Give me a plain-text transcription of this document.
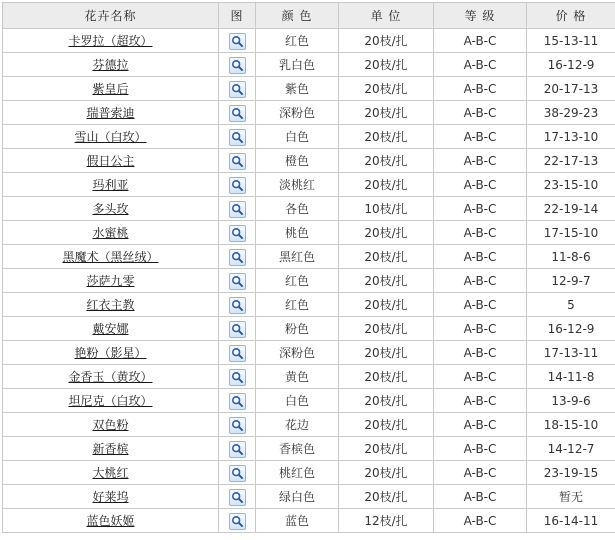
花卉名称	图	颜 色	单 位	等 级	价 格
卡罗拉（超玫）		红色	20枝/扎	A-B-C	15-13-11
芬德拉		乳白色	20枝/扎	A-B-C	16-12-9
紫皇后		紫色	20枝/扎	A-B-C	20-17-13
瑞普索迪		深粉色	20枝/扎	A-B-C	38-29-23
雪山（白玫）		白色	20枝/扎	A-B-C	17-13-10
假日公主		橙色	20枝/扎	A-B-C	22-17-13
玛利亚		淡桃红	20枝/扎	A-B-C	23-15-10
多头玫		各色	10枝/扎	A-B-C	22-19-14
水蜜桃		桃色	20枝/扎	A-B-C	17-15-10
黑魔术（黑丝绒）		黑红色	20枝/扎	A-B-C	11-8-6
莎萨九零		红色	20枝/扎	A-B-C	12-9-7
红衣主教		红色	20枝/扎	A-B-C	5
戴安娜		粉色	20枝/扎	A-B-C	16-12-9
艳粉（影星）		深粉色	20枝/扎	A-B-C	17-13-11
金香玉（黄玫）		黄色	20枝/扎	A-B-C	14-11-8
坦尼克（白玫）		白色	20枝/扎	A-B-C	13-9-6
双色粉		花边	20枝/扎	A-B-C	18-15-10
新香槟		香槟色	20枝/扎	A-B-C	14-12-7
大桃红		桃红色	20枝/扎	A-B-C	23-19-15
好莱坞		绿白色	20枝/扎	A-B-C	暂无
蓝色妖姬		蓝色	12枝/扎	A-B-C	16-14-11
